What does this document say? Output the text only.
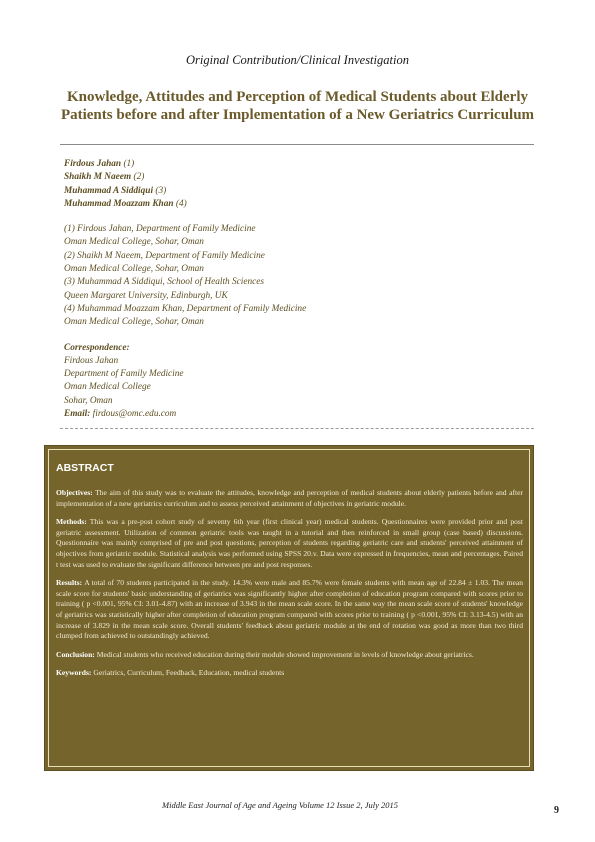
Original Contribution/Clinical Investigation
Knowledge, Attitudes and Perception of Medical Students about Elderly
Patients before and after Implementation of a New Geriatrics Curriculum
Firdous Jahan (1)
Shaikh M Naeem (2)
Muhammad A Siddiqui (3)
Muhammad Moazzam Khan (4)
(1) Firdous Jahan, Department of Family Medicine
Oman Medical College, Sohar, Oman
(2) Shaikh M Naeem, Department of Family Medicine
Oman Medical College, Sohar, Oman
(3) Muhammad A Siddiqui, School of Health Sciences
Queen Margaret University, Edinburgh, UK
(4) Muhammad Moazzam Khan, Department of Family Medicine
Oman Medical College, Sohar, Oman
Correspondence:
Firdous Jahan
Department of Family Medicine
Oman Medical College
Sohar, Oman
Email: firdous@omc.edu.com
ABSTRACT

Objectives: The aim of this study was to evaluate the attitudes, knowledge and perception of medical students about elderly patients before and after implementation of a new geriatrics curriculum and to assess perceived attainment of objectives in geriatric module.

Methods: This was a pre-post cohort study of seventy 6th year (first clinical year) medical students. Questionnaires were provided prior and post geriatric assessment. Utilization of common geriatric tools was taught in a tutorial and then reinforced in small group (case based) discussions. Questionnaire was mainly comprised of pre and post questions, perception of students regarding geriatric care and students' perceived attainment of objectives from geriatric module. Statistical analysis was performed using SPSS 20.v. Data were expressed in frequencies, mean and percentages. Paired t test was used to evaluate the significant difference between pre and post responses.

Results: A total of 70 students participated in the study. 14.3% were male and 85.7% were female students with mean age of 22.84 ± 1.03. The mean scale score for students' basic understanding of geriatrics was significantly higher after completion of education program compared with scores prior to training ( p <0.001, 95% CI: 3.01-4.87) with an increase of 3.943 in the mean scale score. In the same way the mean scale score of students' knowledge of geriatrics was statistically higher after completion of education program compared with scores prior to training ( p <0.001, 95% CI: 3.13-4.5) with an increase of 3.829 in the mean scale score. Overall students' feedback about geriatric module at the end of rotation was good as more than two third clumped from achieved to outstandingly achieved.

Conclusion: Medical students who received education during their module showed improvement in levels of knowledge about geriatrics.

Keywords: Geriatrics, Curriculum, Feedback, Education, medical students

Middle East Journal of Age and Ageing Volume 12 Issue 2, July 2015	9
